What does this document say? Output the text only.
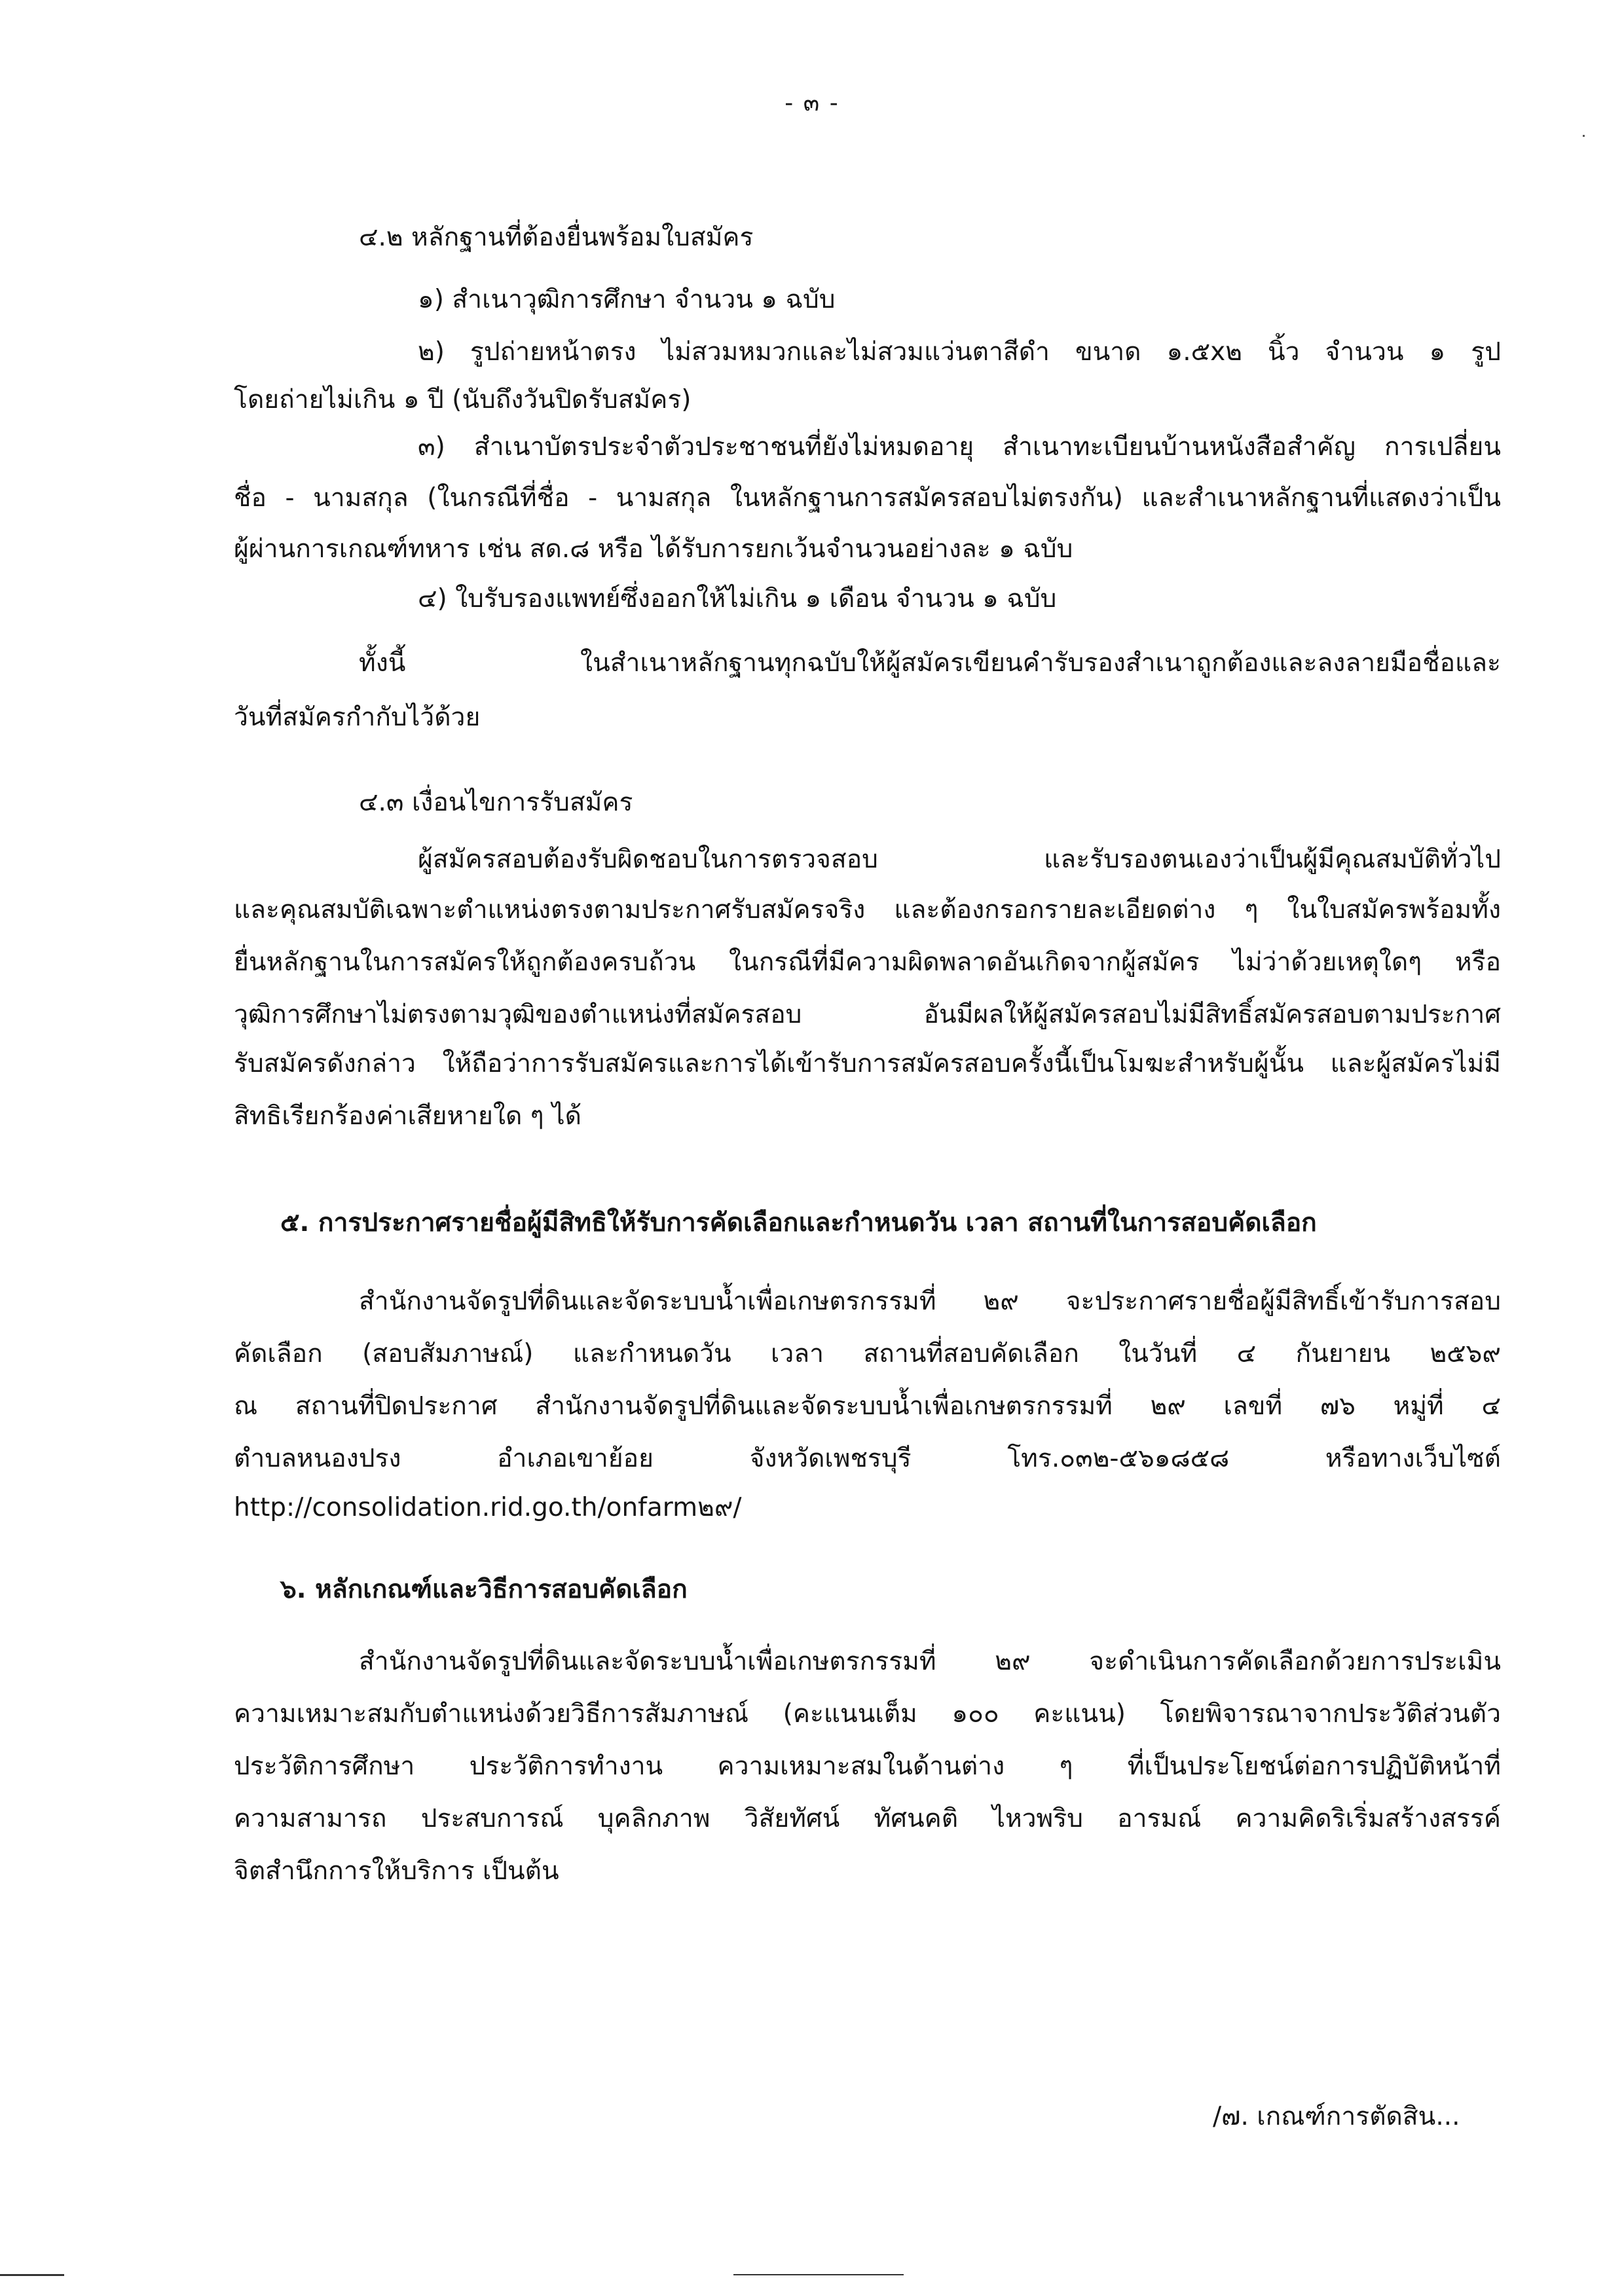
- ๓ -

๔.๒ หลักฐานที่ต้องยื่นพร้อมใบสมัคร

๑) สำเนาวุฒิการศึกษา จำนวน ๑ ฉบับ

๒) รูปถ่ายหน้าตรง ไม่สวมหมวกและไม่สวมแว่นตาสีดำ ขนาด ๑.๕x๒ นิ้ว จำนวน ๑ รูป

โดยถ่ายไม่เกิน ๑ ปี (นับถึงวันปิดรับสมัคร)

๓) สำเนาบัตรประจำตัวประชาชนที่ยังไม่หมดอายุ สำเนาทะเบียนบ้านหนังสือสำคัญ การเปลี่ยน

ชื่อ - นามสกุล (ในกรณีที่ชื่อ - นามสกุล ในหลักฐานการสมัครสอบไม่ตรงกัน) และสำเนาหลักฐานที่แสดงว่าเป็น

ผู้ผ่านการเกณฑ์ทหาร เช่น สด.๘ หรือ ได้รับการยกเว้นจำนวนอย่างละ ๑ ฉบับ

๔) ใบรับรองแพทย์ซึ่งออกให้ไม่เกิน ๑ เดือน จำนวน ๑ ฉบับ

ทั้งนี้ ในสำเนาหลักฐานทุกฉบับให้ผู้สมัครเขียนคำรับรองสำเนาถูกต้องและลงลายมือชื่อและ

วันที่สมัครกำกับไว้ด้วย

๔.๓ เงื่อนไขการรับสมัคร

ผู้สมัครสอบต้องรับผิดชอบในการตรวจสอบ และรับรองตนเองว่าเป็นผู้มีคุณสมบัติทั่วไป

และคุณสมบัติเฉพาะตำแหน่งตรงตามประกาศรับสมัครจริง และต้องกรอกรายละเอียดต่าง ๆ ในใบสมัครพร้อมทั้ง

ยื่นหลักฐานในการสมัครให้ถูกต้องครบถ้วน ในกรณีที่มีความผิดพลาดอันเกิดจากผู้สมัคร ไม่ว่าด้วยเหตุใดๆ หรือ

วุฒิการศึกษาไม่ตรงตามวุฒิของตำแหน่งที่สมัครสอบ อันมีผลให้ผู้สมัครสอบไม่มีสิทธิ์สมัครสอบตามประกาศ

รับสมัครดังกล่าว ให้ถือว่าการรับสมัครและการได้เข้ารับการสมัครสอบครั้งนี้เป็นโมฆะสำหรับผู้นั้น และผู้สมัครไม่มี

สิทธิเรียกร้องค่าเสียหายใด ๆ ได้

๕. การประกาศรายชื่อผู้มีสิทธิให้รับการคัดเลือกและกำหนดวัน เวลา สถานที่ในการสอบคัดเลือก

สำนักงานจัดรูปที่ดินและจัดระบบน้ำเพื่อเกษตรกรรมที่ ๒๙ จะประกาศรายชื่อผู้มีสิทธิ์เข้ารับการสอบ

คัดเลือก (สอบสัมภาษณ์) และกำหนดวัน เวลา สถานที่สอบคัดเลือก ในวันที่ ๔ กันยายน ๒๕๖๙

ณ สถานที่ปิดประกาศ สำนักงานจัดรูปที่ดินและจัดระบบน้ำเพื่อเกษตรกรรมที่ ๒๙ เลขที่ ๗๖ หมู่ที่ ๔

ตำบลหนองปรง อำเภอเขาย้อย จังหวัดเพชรบุรี โทร.๐๓๒-๕๖๑๘๕๘ หรือทางเว็บไซต์

http://consolidation.rid.go.th/onfarm๒๙/

๖. หลักเกณฑ์และวิธีการสอบคัดเลือก

สำนักงานจัดรูปที่ดินและจัดระบบน้ำเพื่อเกษตรกรรมที่ ๒๙ จะดำเนินการคัดเลือกด้วยการประเมิน

ความเหมาะสมกับตำแหน่งด้วยวิธีการสัมภาษณ์ (คะแนนเต็ม ๑๐๐ คะแนน) โดยพิจารณาจากประวัติส่วนตัว

ประวัติการศึกษา ประวัติการทำงาน ความเหมาะสมในด้านต่าง ๆ ที่เป็นประโยชน์ต่อการปฏิบัติหน้าที่

ความสามารถ ประสบการณ์ บุคลิกภาพ วิสัยทัศน์ ทัศนคติ ไหวพริบ อารมณ์ ความคิดริเริ่มสร้างสรรค์

จิตสำนึกการให้บริการ เป็นต้น

/๗. เกณฑ์การตัดสิน...
